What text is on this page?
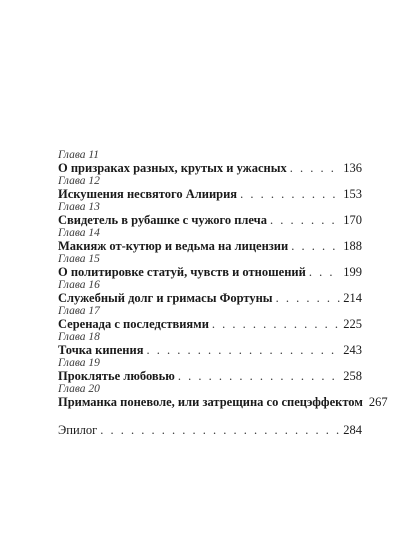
Глава 11
О призраках разных, крутых и ужасных . . .	136
Глава 12
Искушения несвятого Алиирия . . .	153
Глава 13
Свидетель в рубашке с чужого плеча . . .	170
Глава 14
Макияж от-кутюр и ведьма на лицензии . . .	188
Глава 15
О политировке статуй, чувств и отношений . . .	199
Глава 16
Служебный долг и гримасы Фортуны . . .	214
Глава 17
Серенада с последствиями . . .	225
Глава 18
Точка кипения . . .	243
Глава 19
Проклятье любовью . . .	258
Глава 20
Приманка поневоле, или затрещина со спецэффектом 267
Эпилог . . .	284
